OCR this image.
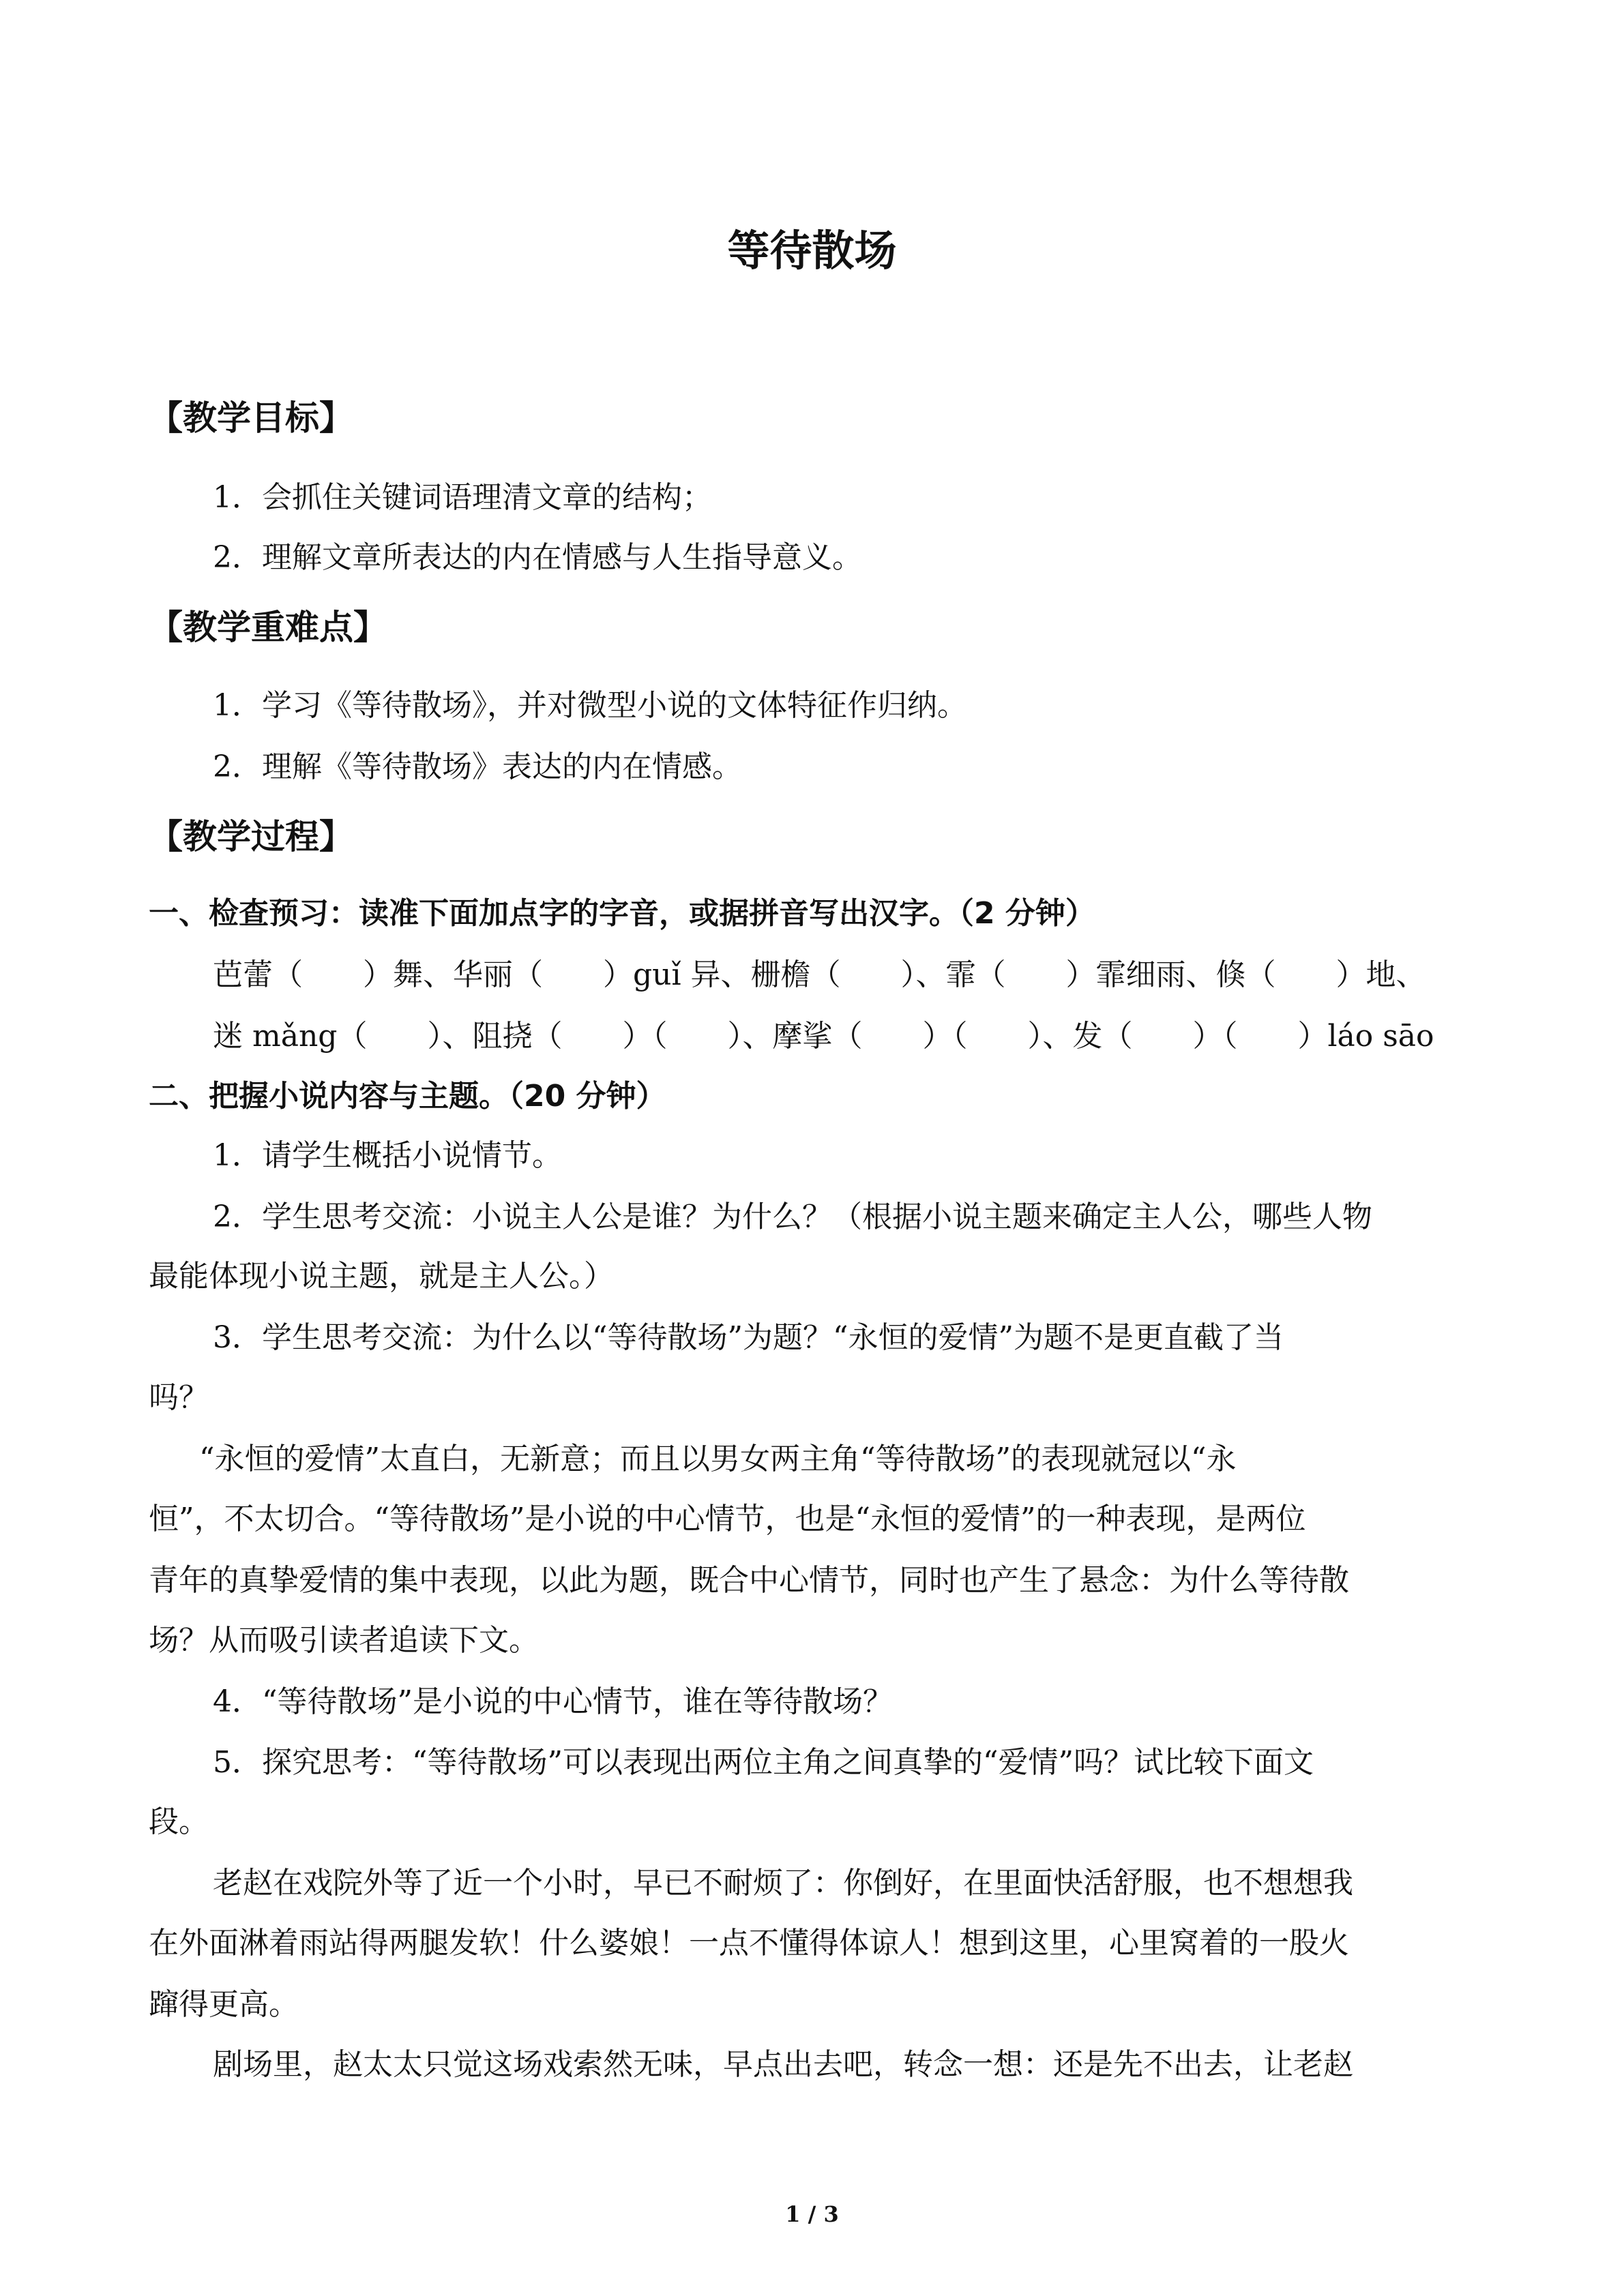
等待散场
【教学目标】
1．会抓住关键词语理清文章的结构；
2．理解文章所表达的内在情感与人生指导意义。
【教学重难点】
1．学习《等待散场》，并对微型小说的文体特征作归纳。
2．理解《等待散场》表达的内在情感。
【教学过程】
一、检查预习：读准下面加点字的字音，或据拼音写出汉字。（2 分钟）
芭蕾（　　）舞、华丽（　　）guǐ 异、栅檐（　　）、霏（　　）霏细雨、倏（　　）地、
迷 mǎng（　　）、阻挠（　　）（　　）、摩挲（　　）（　　）、发（　　）（　　）láo sāo
二、把握小说内容与主题。（20 分钟）
1．请学生概括小说情节。
2．学生思考交流：小说主人公是谁？为什么？（根据小说主题来确定主人公，哪些人物
最能体现小说主题，就是主人公。）
3．学生思考交流：为什么以“等待散场”为题？“永恒的爱情”为题不是更直截了当
吗？
“永恒的爱情”太直白，无新意；而且以男女两主角“等待散场”的表现就冠以“永
恒”，不太切合。“等待散场”是小说的中心情节，也是“永恒的爱情”的一种表现，是两位
青年的真挚爱情的集中表现，以此为题，既合中心情节，同时也产生了悬念：为什么等待散
场？从而吸引读者追读下文。
4．“等待散场”是小说的中心情节，谁在等待散场？
5．探究思考：“等待散场”可以表现出两位主角之间真挚的“爱情”吗？试比较下面文
段。
老赵在戏院外等了近一个小时，早已不耐烦了：你倒好，在里面快活舒服，也不想想我
在外面淋着雨站得两腿发软！什么婆娘！一点不懂得体谅人！想到这里，心里窝着的一股火
蹿得更高。
剧场里，赵太太只觉这场戏索然无味，早点出去吧，转念一想：还是先不出去，让老赵
1 / 3
